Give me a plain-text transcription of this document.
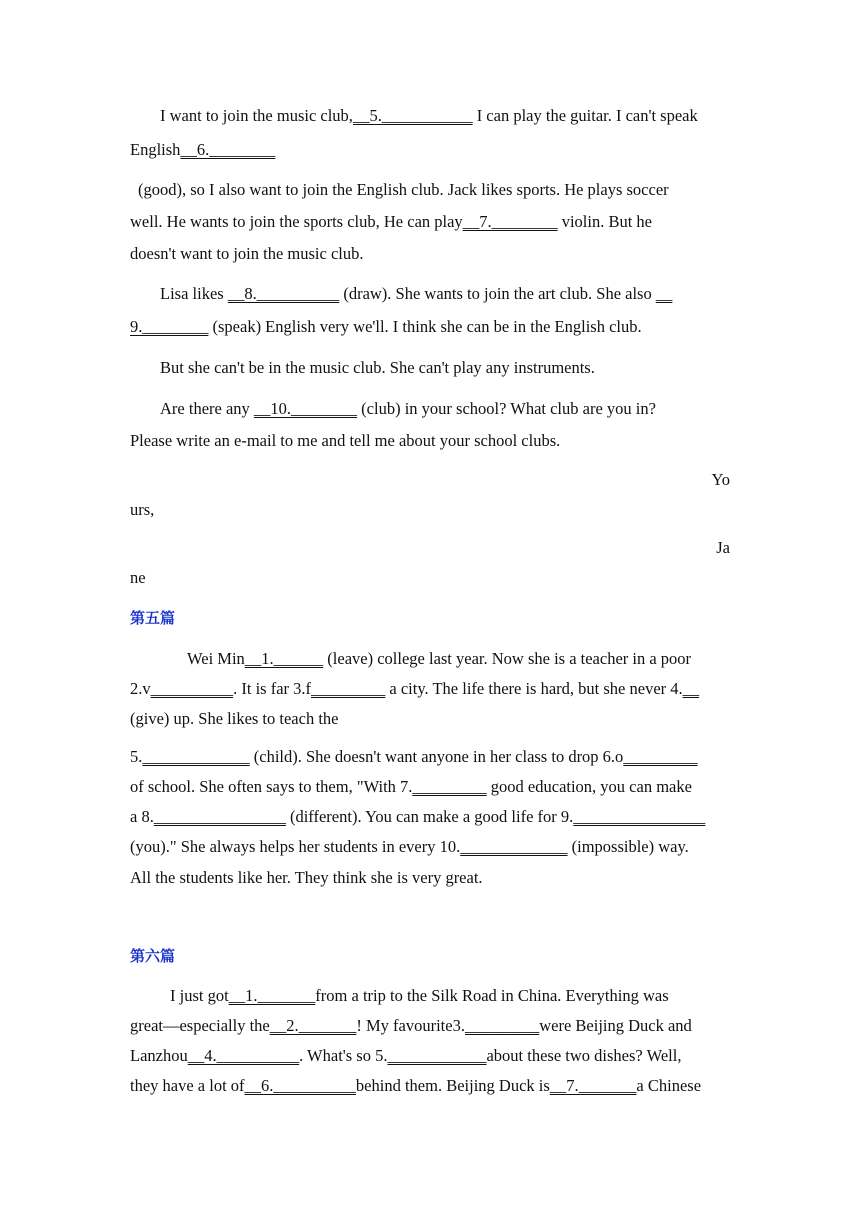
I want to join the music club,__5.___________ I can play the guitar. I can't speak
English__6.________
(good), so I also want to join the English club. Jack likes sports. He plays soccer
well. He wants to join the sports club, He can play__7.________ violin. But he
doesn't want to join the music club.
Lisa likes __8.__________ (draw). She wants to join the art club. She also __
9.________ (speak) English very we'll. I think she can be in the English club.
But she can't be in the music club. She can't play any instruments.
Are there any __10.________ (club) in your school? What club are you in?
Please write an e-mail to me and tell me about your school clubs.
Yo
urs,
Ja
ne
第五篇
Wei Min__1.______ (leave) college last year. Now she is a teacher in a poor
2.v__________. It is far 3.f_________ a city. The life there is hard, but she never 4.__
(give) up. She likes to teach the
5._____________ (child). She doesn't want anyone in her class to drop 6.o_________
of school. She often says to them, "With 7._________ good education, you can make
a 8.________________ (different). You can make a good life for 9.________________
(you)." She always helps her students in every 10._____________ (impossible) way.
All the students like her. They think she is very great.
第六篇
I just got__1._______from a trip to the Silk Road in China. Everything was
great—especially the__2._______! My favourite3._________were Beijing Duck and
Lanzhou__4.__________. What's so 5.____________about these two dishes? Well,
they have a lot of__6.__________behind them. Beijing Duck is__7._______a Chinese
